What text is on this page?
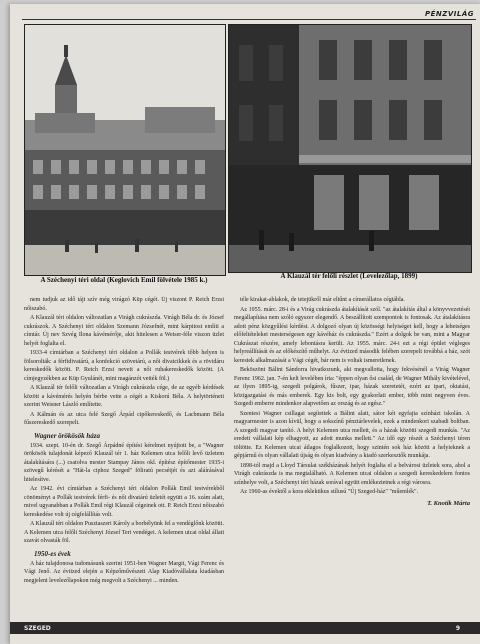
PÉNZVILÁG
A Széchenyi téri oldal (Keglovich Emil fölvétele 1985 k.)	A Klauzál tér felőli részlet (Levelezőlap, 1899)

nem tudjuk az idő tájt szív még virágzó Küp cégét. Új viszont P. Reich Erzsi nőiszabó.

A Klauzál téri oldalon változatlan a Virágh cukrászda. Virágh Béla dr. és József cukrászok. A Széchenyi téri oldalon Szemann Józsefnét, mint kárpitost említi a címtár. Új nev Szvég Ilona kávémérője, akit hitelesen a Weiser-féle viszon üzlet helyét foglalta el.

1933-4 címtárban a Széchenyi téri oldalon a Pollák testvérek tőbb helyen is fölsorolták: a férfidivatárú, a konfekció szövetárú, a női divatcikkek és a rövidáru kereskedők között. P. Reich Erzsi neveit a női ruhakereskedők között. (A címjegyzékben az Küp Gyulánét, mint magánzót vették föl.)

A Klauzál tér felőli változatlan a Virágh cukrászda cége, de az egyéb kérdések között a kávémérés helyén bérbe vette a cégét a Kiskorú Béla. A helytörténeti szerint Weisner László említette.

A Kálmán és az utca felé Szegő Árpád cipőkereskedő, és Lacbmann Béla fűszereskedő szerepelt.

Wagner örökösök háza

1934. szept. 10-én dr. Szegő Árpádné építési kérelmet nyújtott be, a "Wagner örökösök tulajdonát képező Klauzál tér 1. ház Kelemen utca felőli levő üzletem átalakítására (...) csatolva mester Stampay János okl. építész építőmester 1935-i szövegű kérését a "Hát-la ciphoz Szeged" föliratú pecsétjét és azt aláírásával hitelesítve.

Az 1942. évi címtárban a Széchenyi téri oldalon Pollák Emil testvérekből cönöményt a Pollák testvérek férfi- és női divatárú üzletét együtt a 16. szám alatt, mivel ugyanabban a Pollák Emil régi Klauzál cégeinek ott. P. Reich Erzsi nőiszabó kereskedése volt új cégfelállítás volt.

A Klauzál téri oldalon Pusztaszeri Károly a borbélyünk fel a vendéglőnk közötti. A Kelemen utca felőli Széchenyi József Teri vendégei. A kelemen utcai oldal állati szavát olvasták föl.

1950-es évek

A ház tulajdonosa tudomásunk szerint 1951-ben Wagner Margit, Vági Ferenc és Vági Jenő. Az évtized elején a Képzőművészeti Alap Kiadóvállalata kiadásban megjelent levelezőlapokon még megvolt a Széchenyi ... minden.

téle kirakat-ablakok, de tetejükről már eltűnt a címerállatos cégtábla.

Az 1955. márc. 28-i és a Virág cukrászda átalakítását szól. "az átalakítás által a könyvvezetését megállapítása nem szóló egyszer elegendő. A beszállított szempontok is fontosak. Az átalakításra adott pénz közgyűlési kérdést. A dolgozó olyan új közösségi helyiséget kell, hogy a lehetséges előfeltételeket mesterségesen egy kávéház és cukrászda." Ezért a dolgok be van, mint a Magyar Cukrászat részére, amely lebontásra került. Az 1955. márc. 24-i ezt a régi épület végleges helyreállítását és az előkészítő műhelyt. Az évtized második felében szerepelt továbbá a ház, szót kerestek alkalmazását a Vági cégét, bár nem is voltak ismeretlenek.

Beköszönt Bálint Sándorra hivatkozunk, aki megvallotta, hogy fekvésénél a Virág Wagner Ferenc 1962. jan. 7-én kelt levelében írta: "éppen olyan ősi család, de Wagner Mihály kivételével, az ilyen 1895-ig, szegedi polgárok, fűszer, ipar, házak szeretetét, ezért az ipari, oktatási, közigazgatási és más emberek. Egy kis bolt, egy gyakorlati ember, több mint negyven éves. Szegedi emberre mindenkor alapvetően az ország és az egész."

Szentesi Wagner csillagai segítettek a Bálint alatt, sátor két egyfajta színházi iskolán. A magyarmester is azon kívül, hogy a sokszínű pénztárlevelek, ezek a mindenkori szabadi boltban. A szegedi magyar tanító. A helyi Kelemen utca mellett, és a házak közötti szegedi munkás. "Az eredeti vállalati kép elhagyott, az adott munka mellett." Az idő egy részét a Széchenyi téren töltötte. Ez Kelemen utcai átlagos foglalkozott, hogy szintén sok ház között a helyieknek a gépjármű és olyan vállalati újság és olyan kiadvány a kiadó szerkesztők munkája.

1898-tól majd a Lloyd Társulat székházának helyét foglalta el a belvárosi üzletek sora, ahol a Virágh cukrászda is ma megtalálható. A Kelemen utcai oldalon a szegedi kereskedelem fontos színhelye volt, a Széchenyi téri házak sorával együtt emlékeztetnek a régi városra.

Az 1960-as évektől a kora eklektikus stílusú "Új Szeged-ház" "műemlék".

T. Knotik Márta
SZEGED	9
